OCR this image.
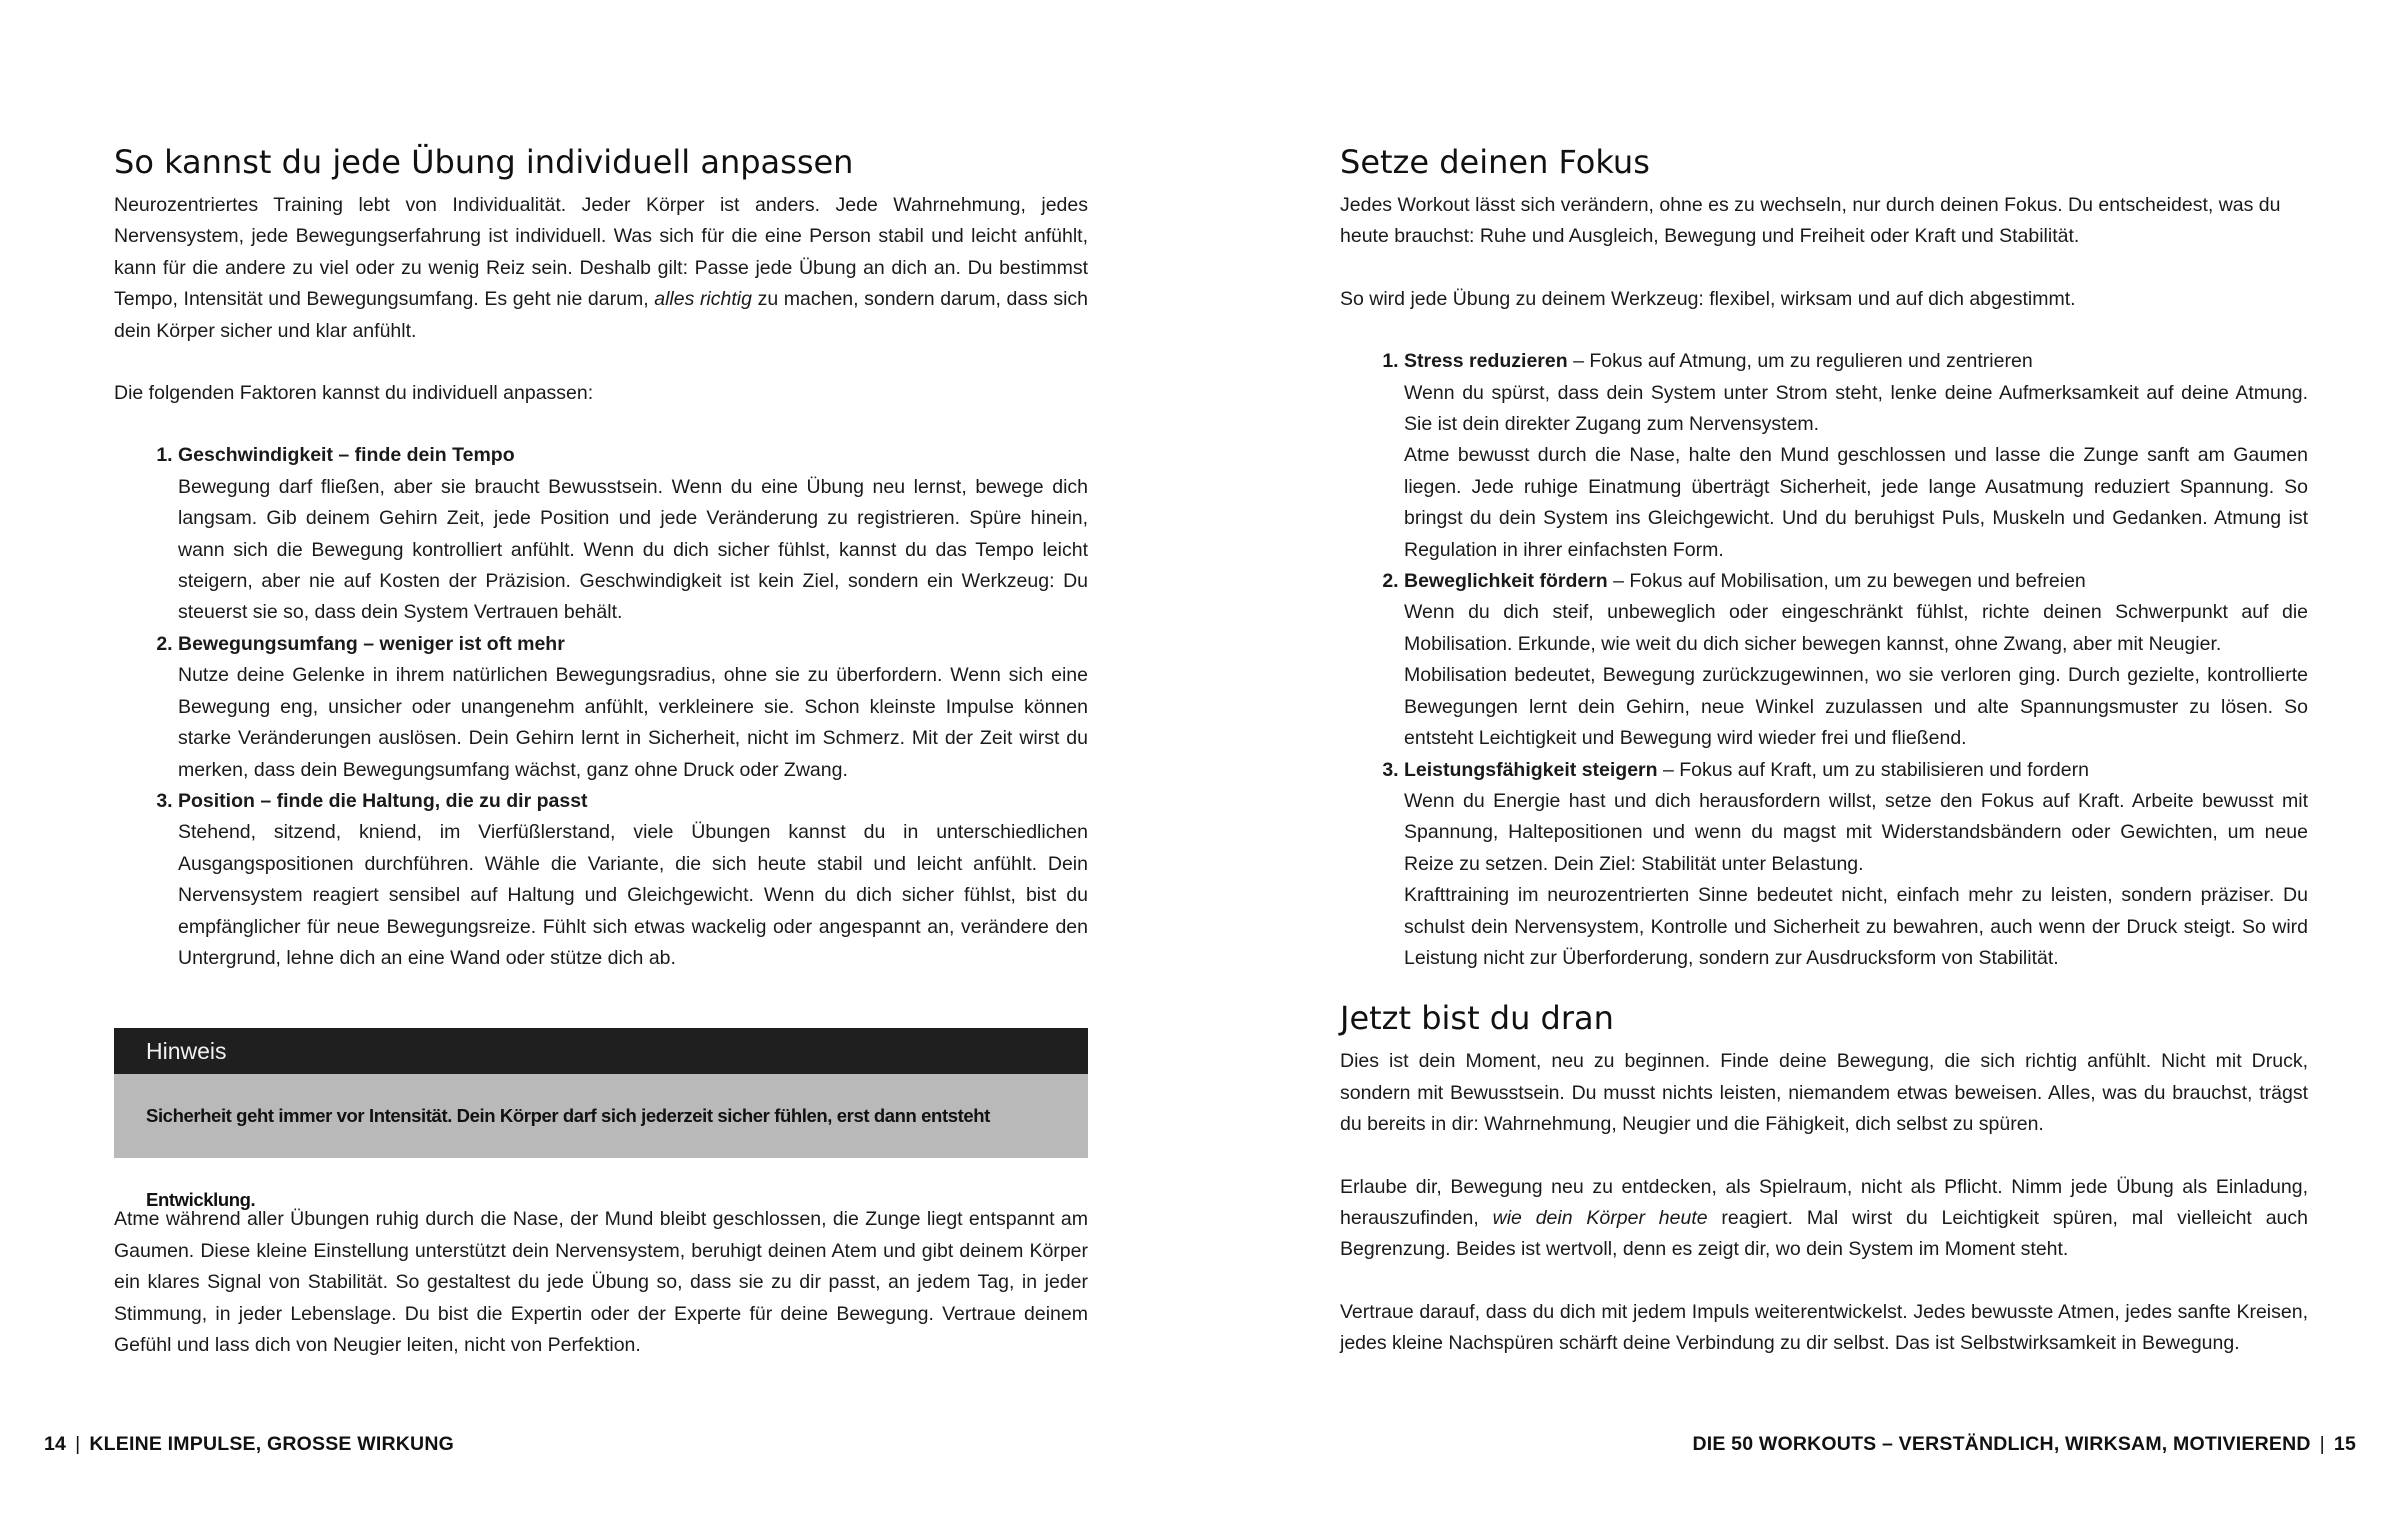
So kannst du jede Übung individuell anpassen

Neurozentriertes Training lebt von Individualität. Jeder Körper ist anders. Jede Wahrnehmung, jedes Nervensystem, jede Bewegungserfahrung ist individuell. Was sich für die eine Person stabil und leicht anfühlt, kann für die andere zu viel oder zu wenig Reiz sein. Deshalb gilt: Passe jede Übung an dich an. Du bestimmst Tempo, Intensität und Bewegungsumfang. Es geht nie darum, alles richtig zu machen, sondern darum, dass sich dein Körper sicher und klar anfühlt.

Die folgenden Faktoren kannst du individuell anpassen:

1. Geschwindigkeit – finde dein Tempo
Bewegung darf fließen, aber sie braucht Bewusstsein. Wenn du eine Übung neu lernst, bewege dich langsam. Gib deinem Gehirn Zeit, jede Position und jede Veränderung zu registrieren. Spüre hinein, wann sich die Bewegung kontrolliert anfühlt. Wenn du dich sicher fühlst, kannst du das Tempo leicht steigern, aber nie auf Kosten der Präzision. Geschwindigkeit ist kein Ziel, sondern ein Werkzeug: Du steuerst sie so, dass dein System Vertrauen behält.
2. Bewegungsumfang – weniger ist oft mehr
Nutze deine Gelenke in ihrem natürlichen Bewegungsradius, ohne sie zu überfordern. Wenn sich eine Bewegung eng, unsicher oder unangenehm anfühlt, verkleinere sie. Schon kleinste Impulse können starke Veränderungen auslösen. Dein Gehirn lernt in Sicherheit, nicht im Schmerz. Mit der Zeit wirst du merken, dass dein Bewegungsumfang wächst, ganz ohne Druck oder Zwang.
3. Position – finde die Haltung, die zu dir passt
Stehend, sitzend, kniend, im Vierfüßlerstand, viele Übungen kannst du in unterschiedlichen Ausgangspositionen durchführen. Wähle die Variante, die sich heute stabil und leicht anfühlt. Dein Nervensystem reagiert sensibel auf Haltung und Gleichgewicht. Wenn du dich sicher fühlst, bist du empfänglicher für neue Bewegungsreize. Fühlt sich etwas wackelig oder angespannt an, verändere den Untergrund, lehne dich an eine Wand oder stütze dich ab.
Hinweis
Sicherheit geht immer vor Intensität. Dein Körper darf sich jederzeit sicher fühlen, erst dann entsteht Entwicklung.

Atme während aller Übungen ruhig durch die Nase, der Mund bleibt geschlossen, die Zunge liegt entspannt am Gaumen. Diese kleine Einstellung unterstützt dein Nervensystem, beruhigt deinen Atem und gibt deinem Körper ein klares Signal von Stabilität. So gestaltest du jede Übung so, dass sie zu dir passt, an jedem Tag, in jeder Stimmung, in jeder Lebenslage. Du bist die Expertin oder der Experte für deine Bewegung. Vertraue deinem Gefühl und lass dich von Neugier leiten, nicht von Perfektion.

14 | KLEINE IMPULSE, GROSSE WIRKUNG
Setze deinen Fokus

Jedes Workout lässt sich verändern, ohne es zu wechseln, nur durch deinen Fokus. Du entscheidest, was du heute brauchst: Ruhe und Ausgleich, Bewegung und Freiheit oder Kraft und Stabilität.

So wird jede Übung zu deinem Werkzeug: flexibel, wirksam und auf dich abgestimmt.

1. Stress reduzieren – Fokus auf Atmung, um zu regulieren und zentrieren
Wenn du spürst, dass dein System unter Strom steht, lenke deine Aufmerksamkeit auf deine Atmung. Sie ist dein direkter Zugang zum Nervensystem.
Atme bewusst durch die Nase, halte den Mund geschlossen und lasse die Zunge sanft am Gaumen liegen. Jede ruhige Einatmung überträgt Sicherheit, jede lange Ausatmung reduziert Spannung. So bringst du dein System ins Gleichgewicht. Und du beruhigst Puls, Muskeln und Gedanken. Atmung ist Regulation in ihrer einfachsten Form.
2. Beweglichkeit fördern – Fokus auf Mobilisation, um zu bewegen und befreien
Wenn du dich steif, unbeweglich oder eingeschränkt fühlst, richte deinen Schwerpunkt auf die Mobilisation. Erkunde, wie weit du dich sicher bewegen kannst, ohne Zwang, aber mit Neugier.
Mobilisation bedeutet, Bewegung zurückzugewinnen, wo sie verloren ging. Durch gezielte, kontrollierte Bewegungen lernt dein Gehirn, neue Winkel zuzulassen und alte Spannungsmuster zu lösen. So entsteht Leichtigkeit und Bewegung wird wieder frei und fließend.
3. Leistungsfähigkeit steigern – Fokus auf Kraft, um zu stabilisieren und fordern
Wenn du Energie hast und dich herausfordern willst, setze den Fokus auf Kraft. Arbeite bewusst mit Spannung, Haltepositionen und wenn du magst mit Widerstandsbändern oder Gewichten, um neue Reize zu setzen. Dein Ziel: Stabilität unter Belastung.
Krafttraining im neurozentrierten Sinne bedeutet nicht, einfach mehr zu leisten, sondern präziser. Du schulst dein Nervensystem, Kontrolle und Sicherheit zu bewahren, auch wenn der Druck steigt. So wird Leistung nicht zur Überforderung, sondern zur Ausdrucksform von Stabilität.
Jetzt bist du dran

Dies ist dein Moment, neu zu beginnen. Finde deine Bewegung, die sich richtig anfühlt. Nicht mit Druck, sondern mit Bewusstsein. Du musst nichts leisten, niemandem etwas beweisen. Alles, was du brauchst, trägst du bereits in dir: Wahrnehmung, Neugier und die Fähigkeit, dich selbst zu spüren.

Erlaube dir, Bewegung neu zu entdecken, als Spielraum, nicht als Pflicht. Nimm jede Übung als Einladung, herauszufinden, wie dein Körper heute reagiert. Mal wirst du Leichtigkeit spüren, mal vielleicht auch Begrenzung. Beides ist wertvoll, denn es zeigt dir, wo dein System im Moment steht.

Vertraue darauf, dass du dich mit jedem Impuls weiterentwickelst. Jedes bewusste Atmen, jedes sanfte Kreisen, jedes kleine Nachspüren schärft deine Verbindung zu dir selbst. Das ist Selbstwirksamkeit in Bewegung.

DIE 50 WORKOUTS – VERSTÄNDLICH, WIRKSAM, MOTIVIEREND | 15
